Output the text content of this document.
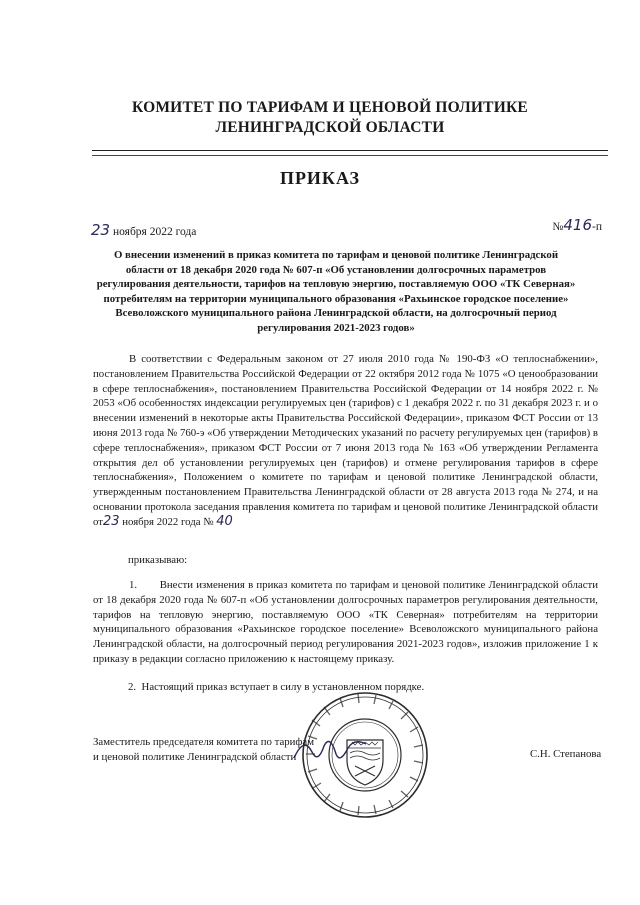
КОМИТЕТ ПО ТАРИФАМ И ЦЕНОВОЙ ПОЛИТИКЕ
ЛЕНИНГРАДСКОЙ ОБЛАСТИ
ПРИКАЗ
23 ноября 2022 года	№416-п
О внесении изменений в приказ комитета по тарифам и ценовой политике Ленинградской области от 18 декабря 2020 года № 607-п «Об установлении долгосрочных параметров регулирования деятельности, тарифов на тепловую энергию, поставляемую ООО «ТК Северная» потребителям на территории муниципального образования «Рахьинское городское поселение» Всеволожского муниципального района Ленинградской области, на долгосрочный период регулирования 2021-2023 годов»
В соответствии с Федеральным законом от 27 июля 2010 года № 190-ФЗ «О теплоснабжении», постановлением Правительства Российской Федерации от 22 октября 2012 года № 1075 «О ценообразовании в сфере теплоснабжения», постановлением Правительства Российской Федерации от 14 ноября 2022 г. № 2053 «Об особенностях индексации регулируемых цен (тарифов) с 1 декабря 2022 г. по 31 декабря 2023 г. и о внесении изменений в некоторые акты Правительства Российской Федерации», приказом ФСТ России от 13 июня 2013 года № 760-э «Об утверждении Методических указаний по расчету регулируемых цен (тарифов) в сфере теплоснабжения», приказом ФСТ России от 7 июня 2013 года № 163 «Об утверждении Регламента открытия дел об установлении регулируемых цен (тарифов) и отмене регулирования тарифов в сфере теплоснабжения», Положением о комитете по тарифам и ценовой политике Ленинградской области, утвержденным постановлением Правительства Ленинградской области от 28 августа 2013 года № 274, и на основании протокола заседания правления комитета по тарифам и ценовой политике Ленинградской области от23 ноября 2022 года № 40
приказываю:
1. Внести изменения в приказ комитета по тарифам и ценовой политике Ленинградской области от 18 декабря 2020 года № 607-п «Об установлении долгосрочных параметров регулирования деятельности, тарифов на тепловую энергию, поставляемую ООО «ТК Северная» потребителям на территории муниципального образования «Рахьинское городское поселение» Всеволожского муниципального района Ленинградской области, на долгосрочный период регулирования 2021-2023 годов», изложив приложение 1 к приказу в редакции согласно приложению к настоящему приказу.
2. Настоящий приказ вступает в силу в установленном порядке.
Заместитель председателя комитета по тарифам
и ценовой политике Ленинградской области	С.Н. Степанова
